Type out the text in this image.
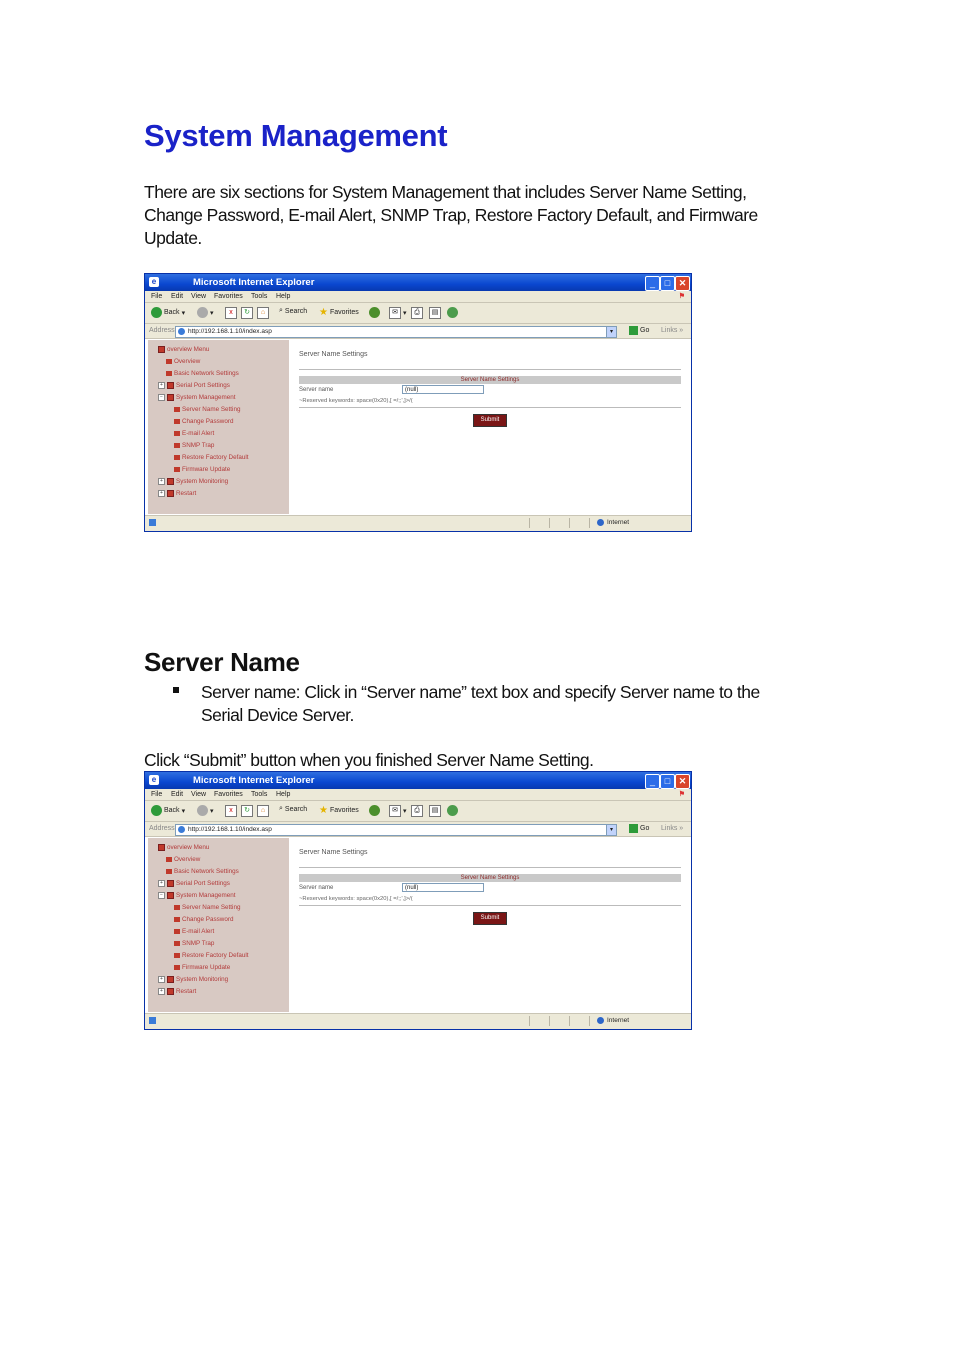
System Management
There are six sections for System Management that includes Server Name Setting,
Change Password, E-mail Alert, SNMP Trap, Restore Factory Default, and Firmware
Update.
e	Microsoft Internet Explorer	_	□ ✕
File Edit View Favorites Tools Help	⚑
Back ▾	▾	x	↻	⌂	⌕ Search ★ Favorites	✉ ▾	⎙	▤
Address http://192.168.1.10/index.asp	▾	Go Links »
overview Menu
Overview
Basic Network Settings
+	Serial Port Settings
−	System Management
Server Name Setting
Change Password
E-mail Alert
SNMP Trap
Restore Factory Default
Firmware Update
+	System Monitoring
+	Restart
Server Name Settings
Server Name Settings
Server name	(null)
~Reserved keywords: space(0x20),[ =/;;',]>/(
Submit
Internet
Server Name
Server name: Click in “Server name” text box and specify Server name to the
Serial Device Server.
Click “Submit” button when you finished Server Name Setting.
e	Microsoft Internet Explorer	_	□ ✕
File Edit View Favorites Tools Help	⚑
Back ▾	▾	x	↻	⌂	⌕ Search ★ Favorites	✉ ▾	⎙	▤
Address http://192.168.1.10/index.asp	▾	Go Links »
overview Menu
Overview
Basic Network Settings
+	Serial Port Settings
−	System Management
Server Name Setting
Change Password
E-mail Alert
SNMP Trap
Restore Factory Default
Firmware Update
+	System Monitoring
+	Restart
Server Name Settings
Server Name Settings
Server name	(null)
~Reserved keywords: space(0x20),[ =/;;',]>/(
Submit
Internet
